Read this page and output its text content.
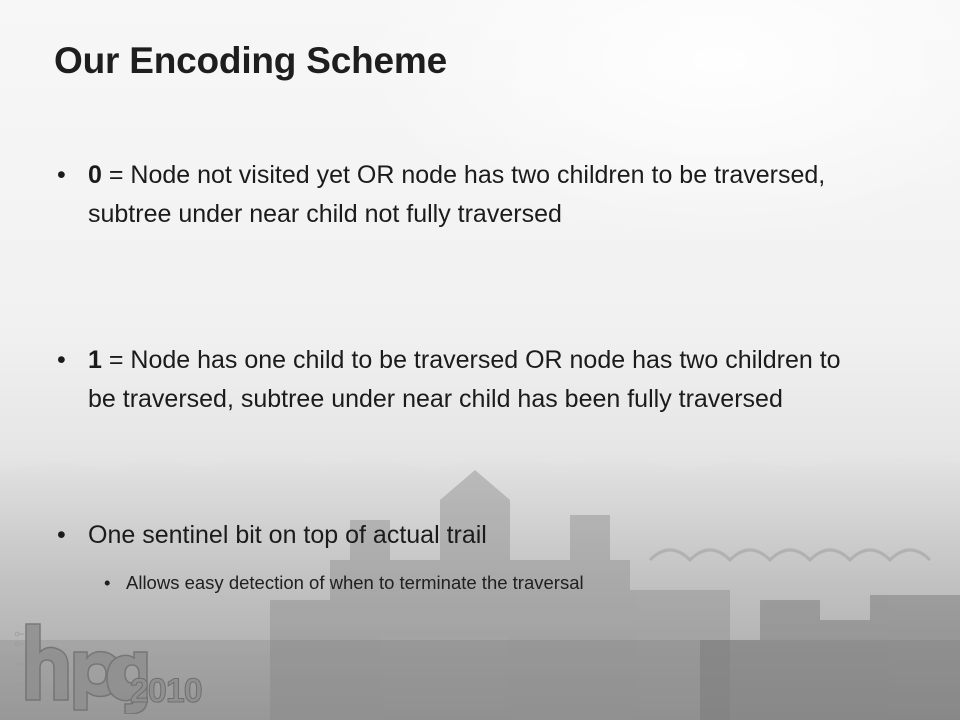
Our Encoding Scheme
• 0 = Node not visited yet OR node has two children to be traversed, subtree under near child not fully traversed
• 1 = Node has one child to be traversed OR node has two children to be traversed, subtree under near child has been fully traversed
• One sentinel bit on top of actual trail
• Allows easy detection of when to terminate the traversal
2010
